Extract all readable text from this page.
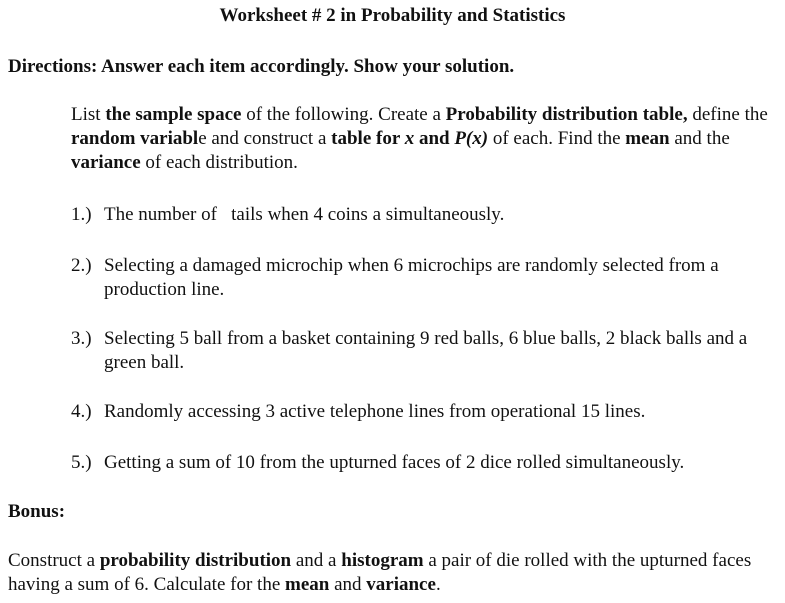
Worksheet # 2 in Probability and Statistics
Directions: Answer each item accordingly. Show your solution.
List the sample space of the following. Create a Probability distribution table, define the random variable and construct a table for x and P(x) of each. Find the mean and the variance of each distribution.
1.) The number of   tails when 4 coins a simultaneously.
2.) Selecting a damaged microchip when 6 microchips are randomly selected from a production line.
3.) Selecting 5 ball from a basket containing 9 red balls, 6 blue balls, 2 black balls and a green ball.
4.) Randomly accessing 3 active telephone lines from operational 15 lines.
5.) Getting a sum of 10 from the upturned faces of 2 dice rolled simultaneously.
Bonus:
Construct a probability distribution and a histogram a pair of die rolled with the upturned faces having a sum of 6. Calculate for the mean and variance.
